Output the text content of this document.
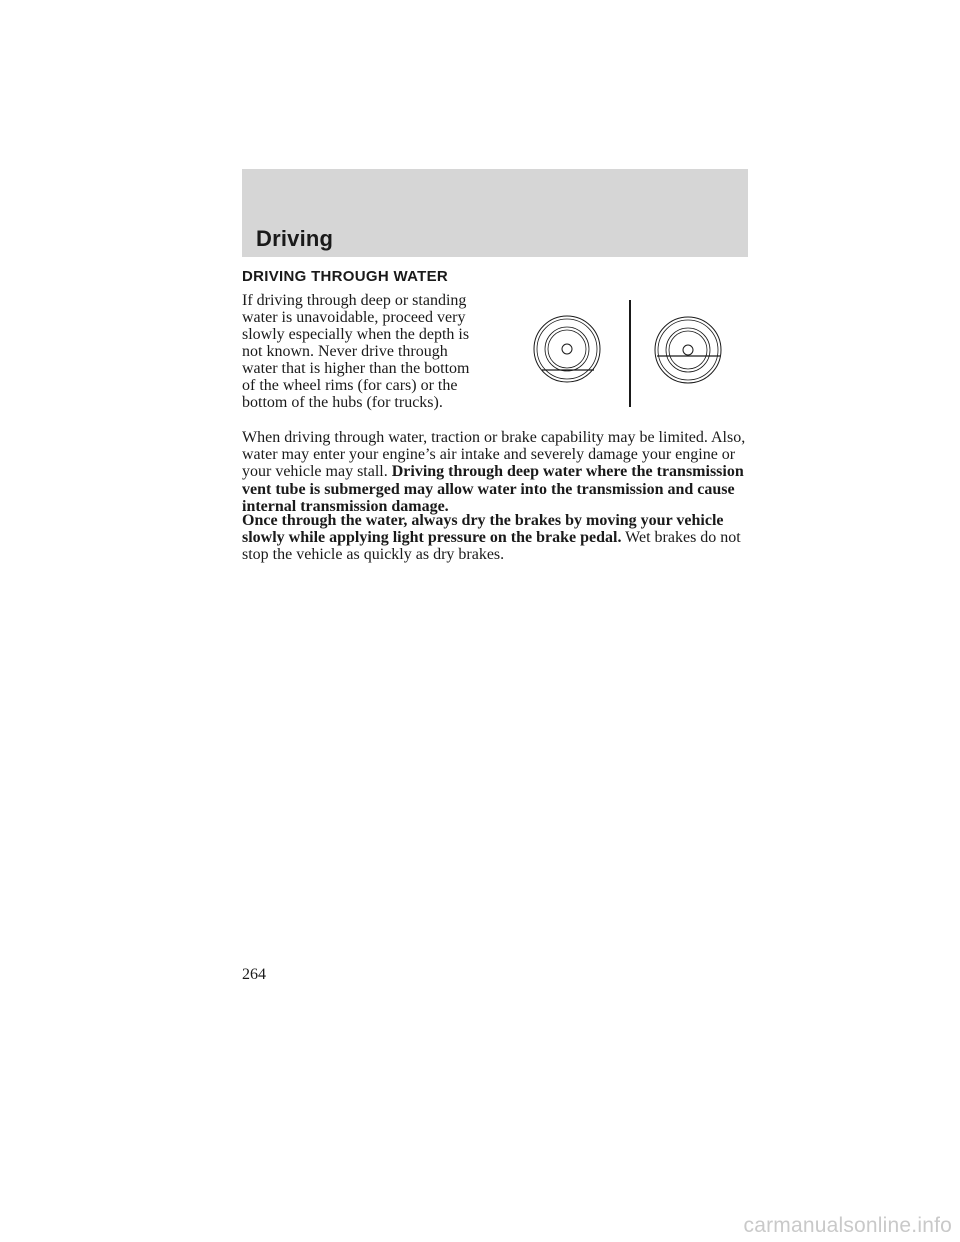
Driving
DRIVING THROUGH WATER
If driving through deep or standing
water is unavoidable, proceed very
slowly especially when the depth is
not known. Never drive through
water that is higher than the bottom
of the wheel rims (for cars) or the
bottom of the hubs (for trucks).

When driving through water, traction or brake capability may be limited. Also, water may enter your engine’s air intake and severely damage your engine or your vehicle may stall. Driving through deep water where the transmission vent tube is submerged may allow water into the transmission and cause internal transmission damage.

Once through the water, always dry the brakes by moving your vehicle slowly while applying light pressure on the brake pedal. Wet brakes do not stop the vehicle as quickly as dry brakes.

264
carmanualsonline.info
